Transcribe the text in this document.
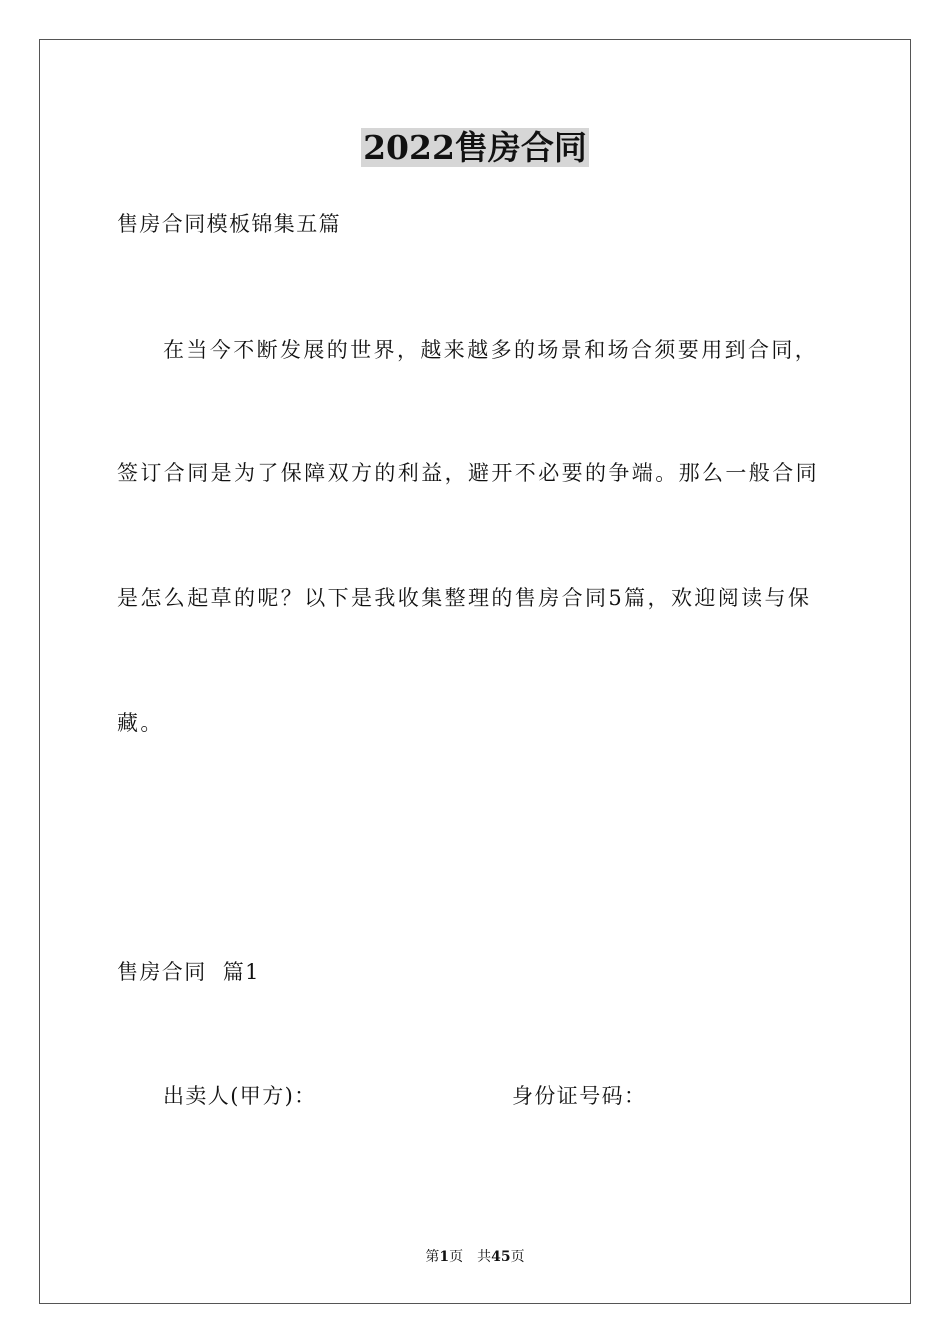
2022售房合同
售房合同模板锦集五篇
在当今不断发展的世界，越来越多的场景和场合须要用到合同，
签订合同是为了保障双方的利益，避开不必要的争端。那么一般合同
是怎么起草的呢？以下是我收集整理的售房合同5篇，欢迎阅读与保
藏。
售房合同  篇1
出卖人(甲方)：	身份证号码：
第1页 共45页
